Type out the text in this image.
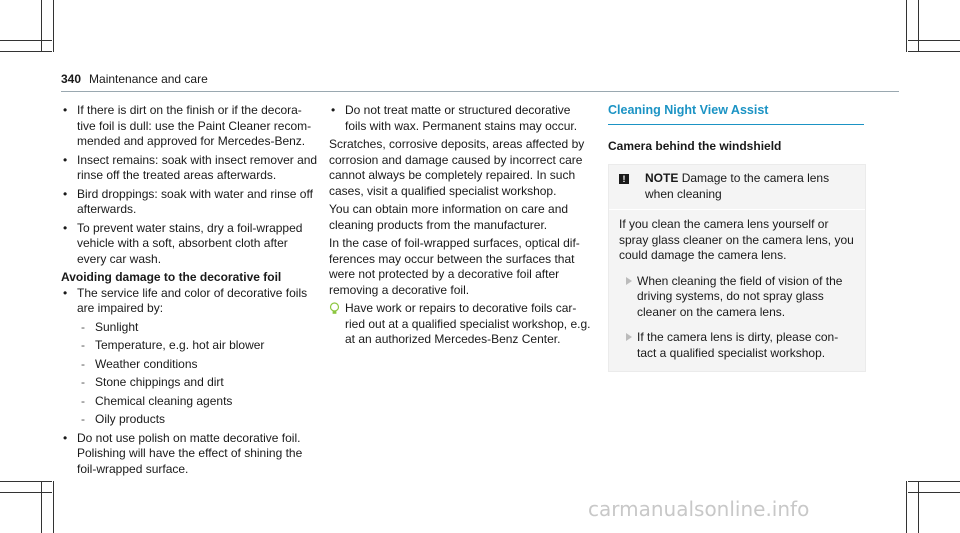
340 Maintenance and care
• If there is dirt on the finish or if the decora-tive foil is dull: use the Paint Cleaner recom-mended and approved for Mercedes-Benz.
• Insect remains: soak with insect remover and rinse off the treated areas afterwards.
• Bird droppings: soak with water and rinse off afterwards.
• To prevent water stains, dry a foil-wrapped vehicle with a soft, absorbent cloth after every car wash.
Avoiding damage to the decorative foil
• The service life and color of decorative foils are impaired by:
- Sunlight
- Temperature, e.g. hot air blower
- Weather conditions
- Stone chippings and dirt
- Chemical cleaning agents
- Oily products
• Do not use polish on matte decorative foil. Polishing will have the effect of shining the foil-wrapped surface.
• Do not treat matte or structured decorative foils with wax. Permanent stains may occur.
Scratches, corrosive deposits, areas affected by corrosion and damage caused by incorrect care cannot always be completely repaired. In such cases, visit a qualified specialist workshop.
You can obtain more information on care and cleaning products from the manufacturer.
In the case of foil-wrapped surfaces, optical dif-ferences may occur between the surfaces that were not protected by a decorative foil after removing a decorative foil.
Have work or repairs to decorative foils car-ried out at a qualified specialist workshop, e.g. at an authorized Mercedes-Benz Center.
Cleaning Night View Assist
Camera behind the windshield
! NOTE Damage to the camera lens when cleaning
If you clean the camera lens yourself or spray glass cleaner on the camera lens, you could damage the camera lens.
When cleaning the field of vision of the driving systems, do not spray glass cleaner on the camera lens.
If the camera lens is dirty, please con-tact a qualified specialist workshop.
carmanualsonline.info
